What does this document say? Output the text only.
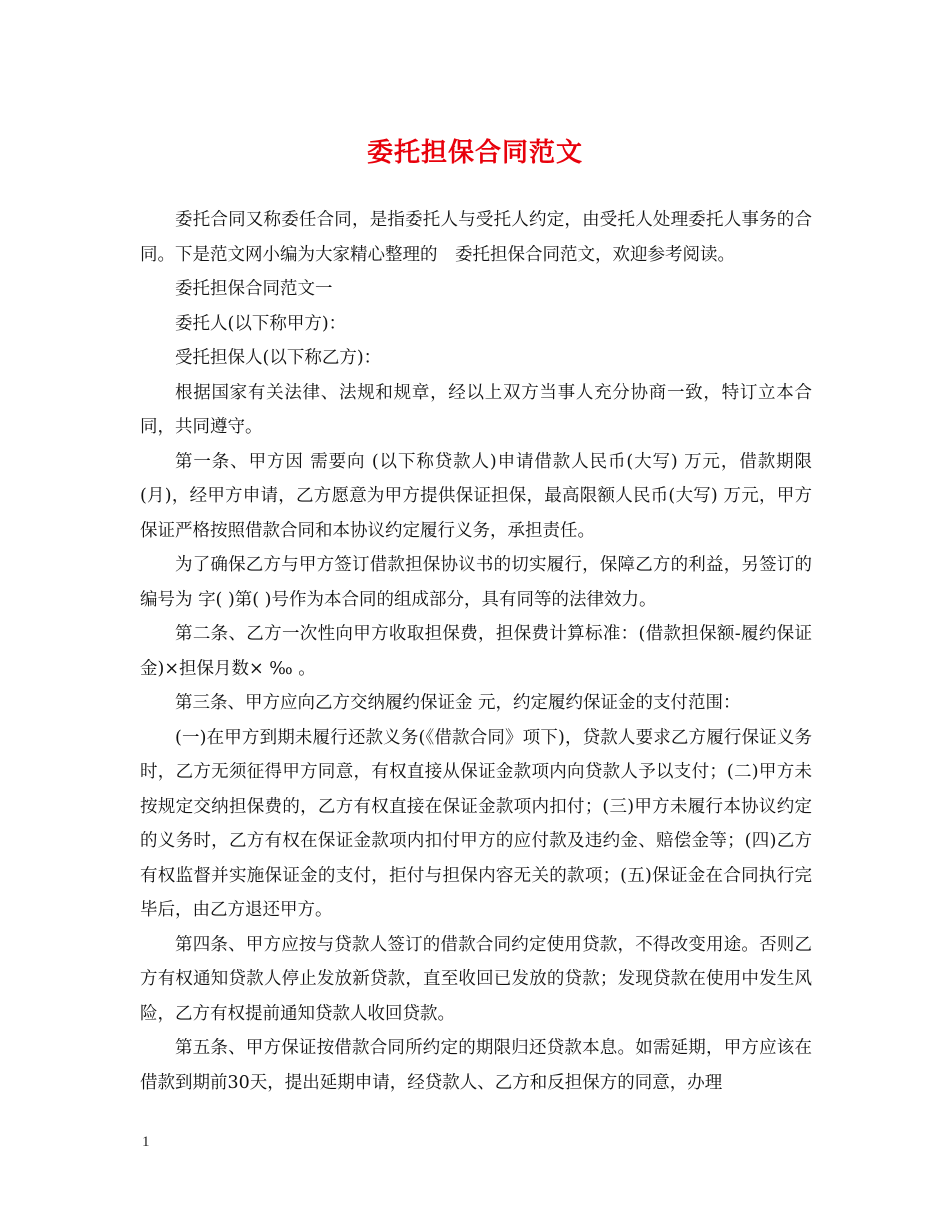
委托担保合同范文

委托合同又称委任合同，是指委托人与受托人约定，由受托人处理委托人事务的合同。下是范文网小编为大家精心整理的　委托担保合同范文，欢迎参考阅读。

委托担保合同范文一

委托人(以下称甲方)：

受托担保人(以下称乙方)：

根据国家有关法律、法规和规章，经以上双方当事人充分协商一致，特订立本合同，共同遵守。

第一条、甲方因 需要向 (以下称贷款人)申请借款人民币(大写) 万元，借款期限 (月)，经甲方申请，乙方愿意为甲方提供保证担保，最高限额人民币(大写) 万元，甲方保证严格按照借款合同和本协议约定履行义务，承担责任。

为了确保乙方与甲方签订借款担保协议书的切实履行，保障乙方的利益，另签订的编号为 字( )第( )号作为本合同的组成部分，具有同等的法律效力。

第二条、乙方一次性向甲方收取担保费，担保费计算标准：(借款担保额-履约保证金)×担保月数× ‰ 。

第三条、甲方应向乙方交纳履约保证金 元，约定履约保证金的支付范围：

(一)在甲方到期未履行还款义务(《借款合同》项下)，贷款人要求乙方履行保证义务时，乙方无须征得甲方同意，有权直接从保证金款项内向贷款人予以支付；(二)甲方未按规定交纳担保费的，乙方有权直接在保证金款项内扣付；(三)甲方未履行本协议约定的义务时，乙方有权在保证金款项内扣付甲方的应付款及违约金、赔偿金等；(四)乙方有权监督并实施保证金的支付，拒付与担保内容无关的款项；(五)保证金在合同执行完毕后，由乙方退还甲方。

第四条、甲方应按与贷款人签订的借款合同约定使用贷款，不得改变用途。否则乙方有权通知贷款人停止发放新贷款，直至收回已发放的贷款；发现贷款在使用中发生风险，乙方有权提前通知贷款人收回贷款。

第五条、甲方保证按借款合同所约定的期限归还贷款本息。如需延期，甲方应该在借款到期前30天，提出延期申请，经贷款人、乙方和反担保方的同意，办理

1
